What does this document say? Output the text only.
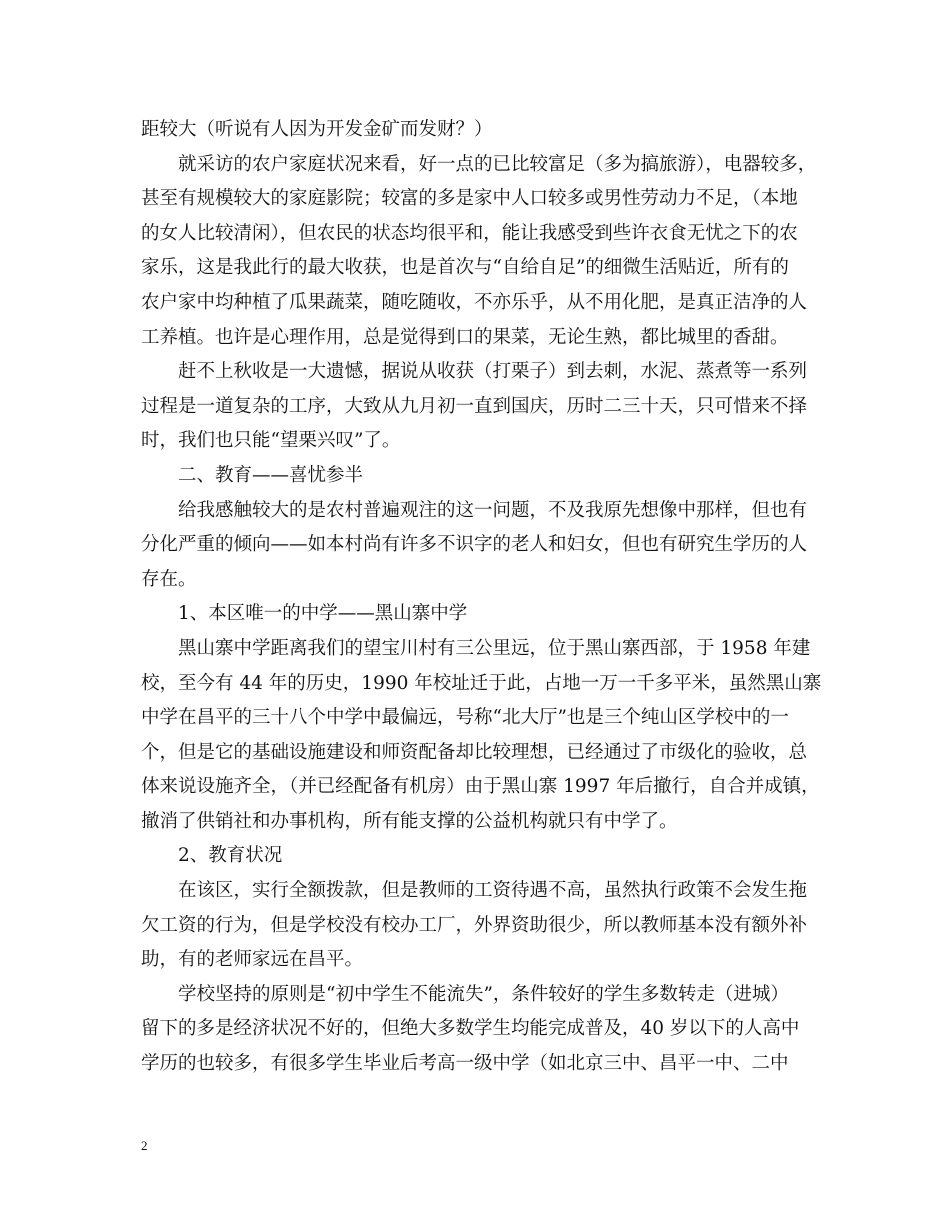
距较大（听说有人因为开发金矿而发财？）
就采访的农户家庭状况来看，好一点的已比较富足（多为搞旅游），电器较多，
甚至有规模较大的家庭影院；较富的多是家中人口较多或男性劳动力不足，（本地
的女人比较清闲），但农民的状态均很平和，能让我感受到些许衣食无忧之下的农
家乐，这是我此行的最大收获，也是首次与“自给自足”的细微生活贴近，所有的
农户家中均种植了瓜果蔬菜，随吃随收，不亦乐乎，从不用化肥，是真正洁净的人
工养植。也许是心理作用，总是觉得到口的果菜，无论生熟，都比城里的香甜。
赶不上秋收是一大遗憾，据说从收获（打栗子）到去刺，水泥、蒸煮等一系列
过程是一道复杂的工序，大致从九月初一直到国庆，历时二三十天，只可惜来不择
时，我们也只能“望栗兴叹”了。
二、教育——喜忧参半
给我感触较大的是农村普遍观注的这一问题，不及我原先想像中那样，但也有
分化严重的倾向——如本村尚有许多不识字的老人和妇女，但也有研究生学历的人
存在。
1、本区唯一的中学——黑山寨中学
黑山寨中学距离我们的望宝川村有三公里远，位于黑山寨西部，于 1958 年建
校，至今有 44 年的历史，1990 年校址迁于此，占地一万一千多平米，虽然黑山寨
中学在昌平的三十八个中学中最偏远，号称“北大厅”也是三个纯山区学校中的一
个，但是它的基础设施建设和师资配备却比较理想，已经通过了市级化的验收，总
体来说设施齐全，（并已经配备有机房）由于黑山寨 1997 年后撤行，自合并成镇，
撤消了供销社和办事机构，所有能支撑的公益机构就只有中学了。
2、教育状况
在该区，实行全额拨款，但是教师的工资待遇不高，虽然执行政策不会发生拖
欠工资的行为，但是学校没有校办工厂，外界资助很少，所以教师基本没有额外补
助，有的老师家远在昌平。
学校坚持的原则是“初中学生不能流失”，条件较好的学生多数转走（进城）
留下的多是经济状况不好的，但绝大多数学生均能完成普及，40 岁以下的人高中
学历的也较多，有很多学生毕业后考高一级中学（如北京三中、昌平一中、二中
2
